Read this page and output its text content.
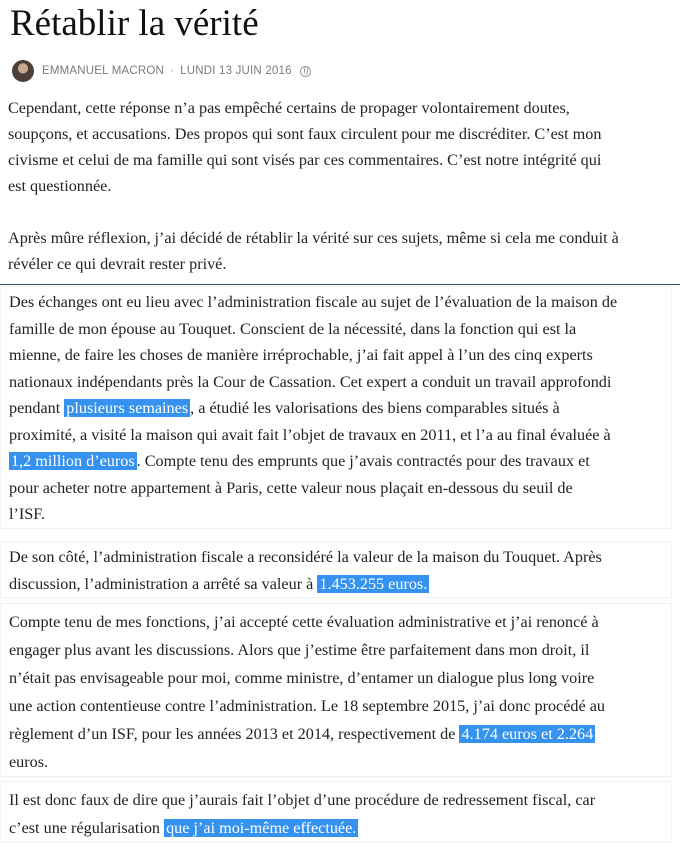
Rétablir la vérité
EMMANUEL MACRON · LUNDI 13 JUIN 2016
Cependant, cette réponse n’a pas empêché certains de propager volontairement doutes,
soupçons, et accusations. Des propos qui sont faux circulent pour me discréditer. C’est mon
civisme et celui de ma famille qui sont visés par ces commentaires. C’est notre intégrité qui
est questionnée.
Après mûre réflexion, j’ai décidé de rétablir la vérité sur ces sujets, même si cela me conduit à
révéler ce qui devrait rester privé.
Des échanges ont eu lieu avec l’administration fiscale au sujet de l’évaluation de la maison de
famille de mon épouse au Touquet. Conscient de la nécessité, dans la fonction qui est la
mienne, de faire les choses de manière irréprochable, j’ai fait appel à l’un des cinq experts
nationaux indépendants près la Cour de Cassation. Cet expert a conduit un travail approfondi
pendant plusieurs semaines , a étudié les valorisations des biens comparables situés à
proximité, a visité la maison qui avait fait l’objet de travaux en 2011, et l’a au final évaluée à
1,2 million d’euros . Compte tenu des emprunts que j’avais contractés pour des travaux et
pour acheter notre appartement à Paris, cette valeur nous plaçait en-dessous du seuil de
l’ISF.
De son côté, l’administration fiscale a reconsidéré la valeur de la maison du Touquet. Après
discussion, l’administration a arrêté sa valeur à 1.453.255 euros.
Compte tenu de mes fonctions, j’ai accepté cette évaluation administrative et j’ai renoncé à
engager plus avant les discussions. Alors que j’estime être parfaitement dans mon droit, il
n’était pas envisageable pour moi, comme ministre, d’entamer un dialogue plus long voire
une action contentieuse contre l’administration. Le 18 septembre 2015, j’ai donc procédé au
règlement d’un ISF, pour les années 2013 et 2014, respectivement de 4.174 euros et 2.264
euros.
Il est donc faux de dire que j’aurais fait l’objet d’une procédure de redressement fiscal, car
c’est une régularisation que j’ai moi-même effectuée.
